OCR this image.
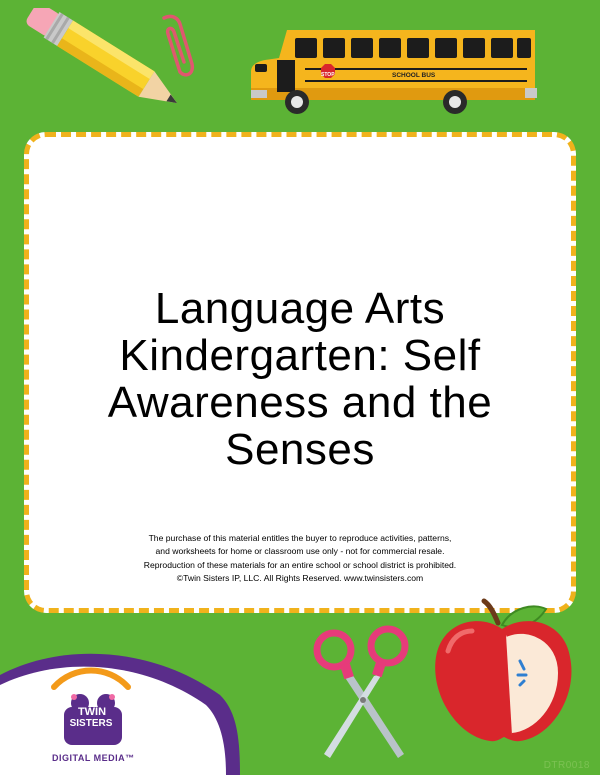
STOP	SCHOOL BUS
Language Arts
Kindergarten: Self
Awareness and the
Senses
The purchase of this material entitles the buyer to reproduce activities, patterns,
and worksheets for home or classroom use only - not for commercial resale.
Reproduction of these materials for an entire school or school district is prohibited.
©Twin Sisters IP, LLC. All Rights Reserved. www.twinsisters.com
TWIN
SISTERS
DIGITAL MEDIA™
DTR0018
